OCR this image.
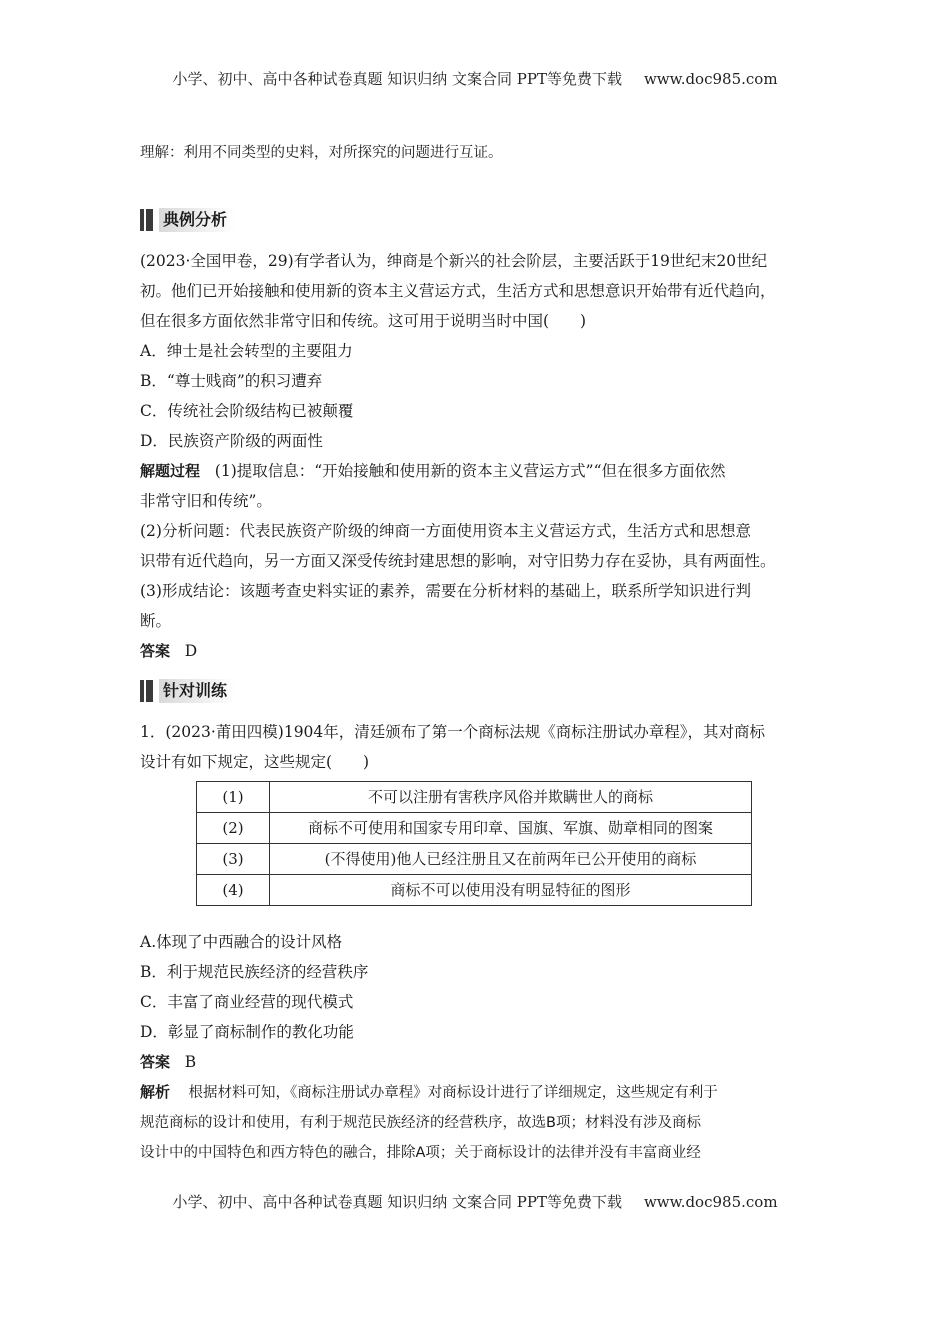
小学、初中、高中各种试卷真题 知识归纳 文案合同 PPT等免费下载 www.doc985.com
理解：利用不同类型的史料，对所探究的问题进行互证。
典例分析
(2023·全国甲卷，29)有学者认为，绅商是个新兴的社会阶层，主要活跃于19世纪末20世纪
初。他们已开始接触和使用新的资本主义营运方式，生活方式和思想意识开始带有近代趋向，
但在很多方面依然非常守旧和传统。这可用于说明当时中国(　　)
A．绅士是社会转型的主要阻力
B．“尊士贱商”的积习遭弃
C．传统社会阶级结构已被颠覆
D．民族资产阶级的两面性
解题过程 (1)提取信息：“开始接触和使用新的资本主义营运方式”“但在很多方面依然
非常守旧和传统”。
(2)分析问题：代表民族资产阶级的绅商一方面使用资本主义营运方式，生活方式和思想意
识带有近代趋向，另一方面又深受传统封建思想的影响，对守旧势力存在妥协，具有两面性。
(3)形成结论：该题考查史料实证的素养，需要在分析材料的基础上，联系所学知识进行判
断。
答案 D
针对训练
1．(2023·莆田四模)1904年，清廷颁布了第一个商标法规《商标注册试办章程》，其对商标
设计有如下规定，这些规定(　　)
(1)	不可以注册有害秩序风俗并欺瞒世人的商标
(2)	商标不可使用和国家专用印章、国旗、军旗、勋章相同的图案
(3)	(不得使用)他人已经注册且又在前两年已公开使用的商标
(4)	商标不可以使用没有明显特征的图形
A.体现了中西融合的设计风格
B．利于规范民族经济的经营秩序
C．丰富了商业经营的现代模式
D．彰显了商标制作的教化功能
答案 B
解析 根据材料可知，《商标注册试办章程》对商标设计进行了详细规定，这些规定有利于
规范商标的设计和使用，有利于规范民族经济的经营秩序，故选B项；材料没有涉及商标
设计中的中国特色和西方特色的融合，排除A项；关于商标设计的法律并没有丰富商业经
小学、初中、高中各种试卷真题 知识归纳 文案合同 PPT等免费下载 www.doc985.com
